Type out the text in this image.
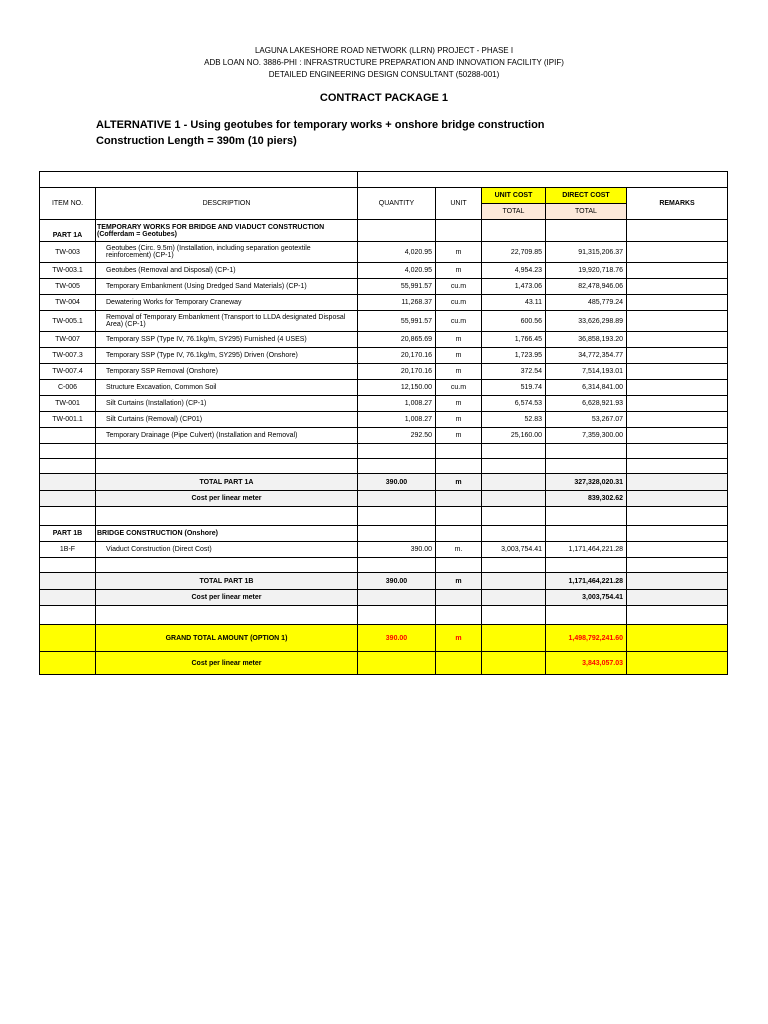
LAGUNA LAKESHORE ROAD NETWORK (LLRN) PROJECT - PHASE I
ADB LOAN NO. 3886-PHI : INFRASTRUCTURE PREPARATION AND INNOVATION FACILITY (IPIF)
DETAILED ENGINEERING DESIGN CONSULTANT (50288-001)
CONTRACT PACKAGE 1
ALTERNATIVE 1 - Using geotubes for temporary works + onshore bridge construction
Construction Length = 390m (10 piers)

ITEM NO.	DESCRIPTION	QUANTITY	UNIT	UNIT COST	DIRECT COST	REMARKS
				TOTAL	TOTAL	
PART 1A	TEMPORARY WORKS FOR BRIDGE AND VIADUCT CONSTRUCTION (Cofferdam = Geotubes)					
TW-003	Geotubes (Circ. 9.5m) (Installation, including separation geotextile reinforcement) (CP-1)	4,020.95	m	22,709.85	91,315,206.37	
TW-003.1	Geotubes (Removal and Disposal) (CP-1)	4,020.95	m	4,954.23	19,920,718.76	
TW-005	Temporary Embankment (Using Dredged Sand Materials) (CP-1)	55,991.57	cu.m	1,473.06	82,478,946.06	
TW-004	Dewatering Works for Temporary Craneway	11,268.37	cu.m	43.11	485,779.24	
TW-005.1	Removal of Temporary Embankment (Transport to LLDA designated Disposal Area) (CP-1)	55,991.57	cu.m	600.56	33,626,298.89	
TW-007	Temporary SSP (Type IV, 76.1kg/m, SY295) Furnished (4 USES)	20,865.69	m	1,766.45	36,858,193.20	
TW-007.3	Temporary SSP (Type IV, 76.1kg/m, SY295) Driven (Onshore)	20,170.16	m	1,723.95	34,772,354.77	
TW-007.4	Temporary SSP Removal (Onshore)	20,170.16	m	372.54	7,514,193.01	
C-006	Structure Excavation, Common Soil	12,150.00	cu.m	519.74	6,314,841.00	
TW-001	Silt Curtains (Installation) (CP-1)	1,008.27	m	6,574.53	6,628,921.93	
TW-001.1	Silt Curtains (Removal) (CP01)	1,008.27	m	52.83	53,267.07	
	Temporary Drainage (Pipe Culvert) (Installation and Removal)	292.50	m	25,160.00	7,359,300.00	

	TOTAL PART 1A	390.00	m		327,328,020.31	
	Cost per linear meter				839,302.62	

PART 1B	BRIDGE CONSTRUCTION (Onshore)					
1B-F	Viaduct Construction (Direct Cost)	390.00	m.	3,003,754.41	1,171,464,221.28	

	TOTAL PART 1B	390.00	m		1,171,464,221.28	
	Cost per linear meter				3,003,754.41	

	GRAND TOTAL AMOUNT (OPTION 1)	390.00	m		1,498,792,241.60	
	Cost per linear meter				3,843,057.03	
